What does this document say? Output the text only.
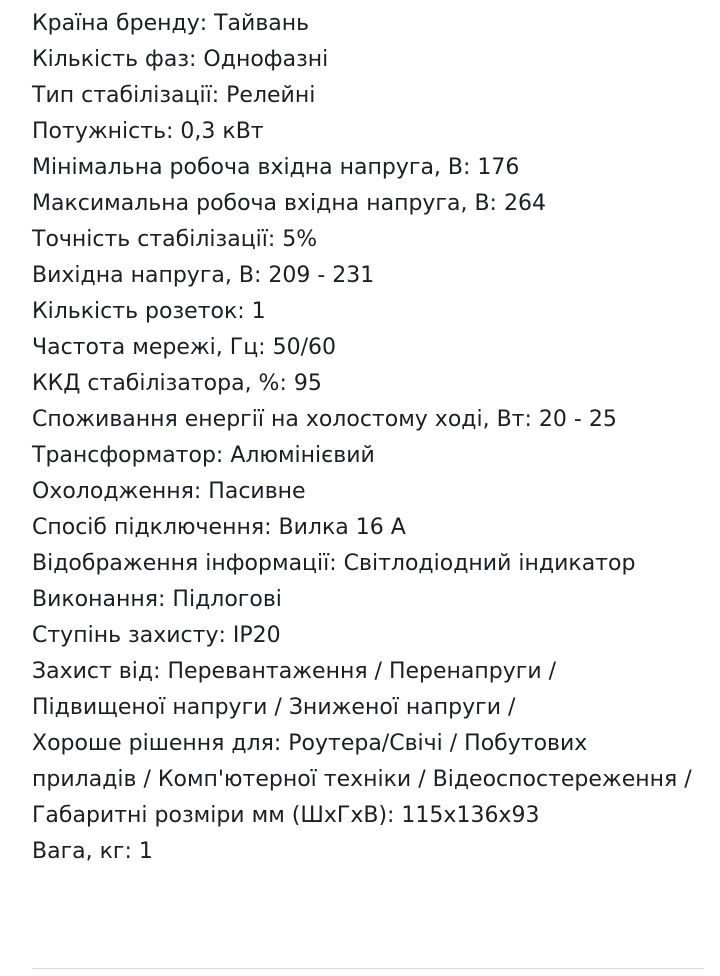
Країна бренду: Тайвань
Кількість фаз: Однофазні
Тип стабілізації: Релейні
Потужність: 0,3 кВт
Мінімальна робоча вхідна напруга, В: 176
Максимальна робоча вхідна напруга, В: 264
Точність стабілізації: 5%
Вихідна напруга, В: 209 - 231
Кількість розеток: 1
Частота мережі, Гц: 50/60
ККД стабілізатора, %: 95
Споживання енергії на холостому ході, Вт: 20 - 25
Трансформатор: Алюмінієвий
Охолодження: Пасивне
Спосіб підключення: Вилка 16 А
Відображення інформації: Світлодіодний індикатор
Виконання: Підлогові
Ступінь захисту: IP20
Захист від: Перевантаження / Перенапруги / Підвищеної напруги / Зниженої напруги /
Хороше рішення для: Роутера/Свічі / Побутових приладів / Комп'ютерної техніки / Відеоспостереження /
Габаритні розміри мм (ШхГхВ): 115х136х93
Вага, кг: 1
